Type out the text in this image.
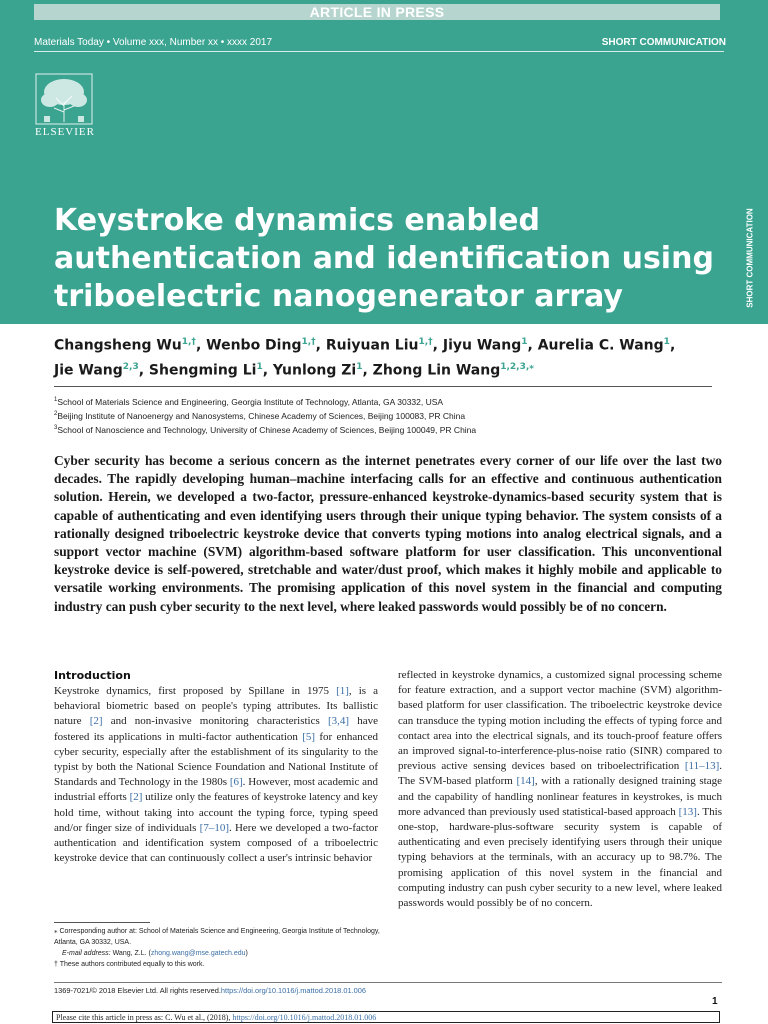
ARTICLE IN PRESS
Materials Today • Volume xxx, Number xx • xxxx 2017	SHORT COMMUNICATION
ELSEVIER
SHORT COMMUNICATION
Keystroke dynamics enabled authentication and identification using triboelectric nanogenerator array
Changsheng $Wu^{1,\dagger}$, Wenbo Ding$^{1,\dagger}$, Ruiyuan Liu$^{1,\dagger}$, Jiyu Wang$^1$, Aurelia C. Wang$^1$,
Jie Wang$^{2,3}$, Shengming Li$^1$, Yunlong Zi$^1$, Zhong Lin Wang$^{1,2,3,⁎}$
$^1$School of Materials Science and Engineering, Georgia Institute of Technology, Atlanta, GA 30332, USA
$^2$Beijing Institute of Nanoenergy and Nanosystems, Chinese Academy of Sciences, Beijing 100083, PR China
$^3$School of Nanoscience and Technology, University of Chinese Academy of Sciences, Beijing 100049, PR China
Cyber security has become a serious concern as the internet penetrates every corner of our life over the last two decades. The rapidly developing human–machine interfacing calls for an effective and continuous authentication solution. Herein, we developed a two-factor, pressure-enhanced keystroke-dynamics-based security system that is capable of authenticating and even identifying users through their unique typing behavior. The system consists of a rationally designed triboelectric keystroke device that converts typing motions into analog electrical signals, and a support vector machine (SVM) algorithm-based software platform for user classification. This unconventional keystroke device is self-powered, stretchable and water/dust proof, which makes it highly mobile and applicable to versatile working environments. The promising application of this novel system in the financial and computing industry can push cyber security to the next level, where leaked passwords would possibly be of no concern.
Introduction
Keystroke dynamics, first proposed by Spillane in 1975 [1], is a behavioral biometric based on people's typing attributes. Its ballistic nature [2] and non-invasive monitoring characteristics [3,4] have fostered its applications in multi-factor authentication [5] for enhanced cyber security, especially after the establishment of its singularity to the typist by both the National Science Foundation and National Institute of Standards and Technology in the 1980s [6]. However, most academic and industrial efforts [2] utilize only the features of keystroke latency and key hold time, without taking into account the typing force, typing speed and/or finger size of individuals [7–10]. Here we developed a two-factor authentication and identification system composed of a triboelectric keystroke device that can continuously collect a user's intrinsic behavior
reflected in keystroke dynamics, a customized signal processing scheme for feature extraction, and a support vector machine (SVM) algorithm-based platform for user classification. The triboelectric keystroke device can transduce the typing motion including the effects of typing force and contact area into the electrical signals, and its touch-proof feature offers an improved signal-to-interference-plus-noise ratio (SINR) compared to previous active sensing devices based on triboelectrification [11–13]. The SVM-based platform [14], with a rationally designed training stage and the capability of handling nonlinear features in keystrokes, is much more advanced than previously used statistical-based approach [13]. This one-stop, hardware-plus-software security system is capable of authenticating and even precisely identifying users through their unique typing behaviors at the terminals, with an accuracy up to 98.7%. The promising application of this novel system in the financial and computing industry can push cyber security to a new level, where leaked passwords would possibly be of no concern.
⁎ Corresponding author at: School of Materials Science and Engineering, Georgia Institute of Technology, Atlanta, GA 30332, USA.
E-mail address: Wang, Z.L. (zhong.wang@mse.gatech.edu)
† These authors contributed equally to this work.
1369-7021/© 2018 Elsevier Ltd. All rights reserved.https://doi.org/10.1016/j.mattod.2018.01.006
1
Please cite this article in press as: C. Wu et al., (2018), https://doi.org/10.1016/j.mattod.2018.01.006
